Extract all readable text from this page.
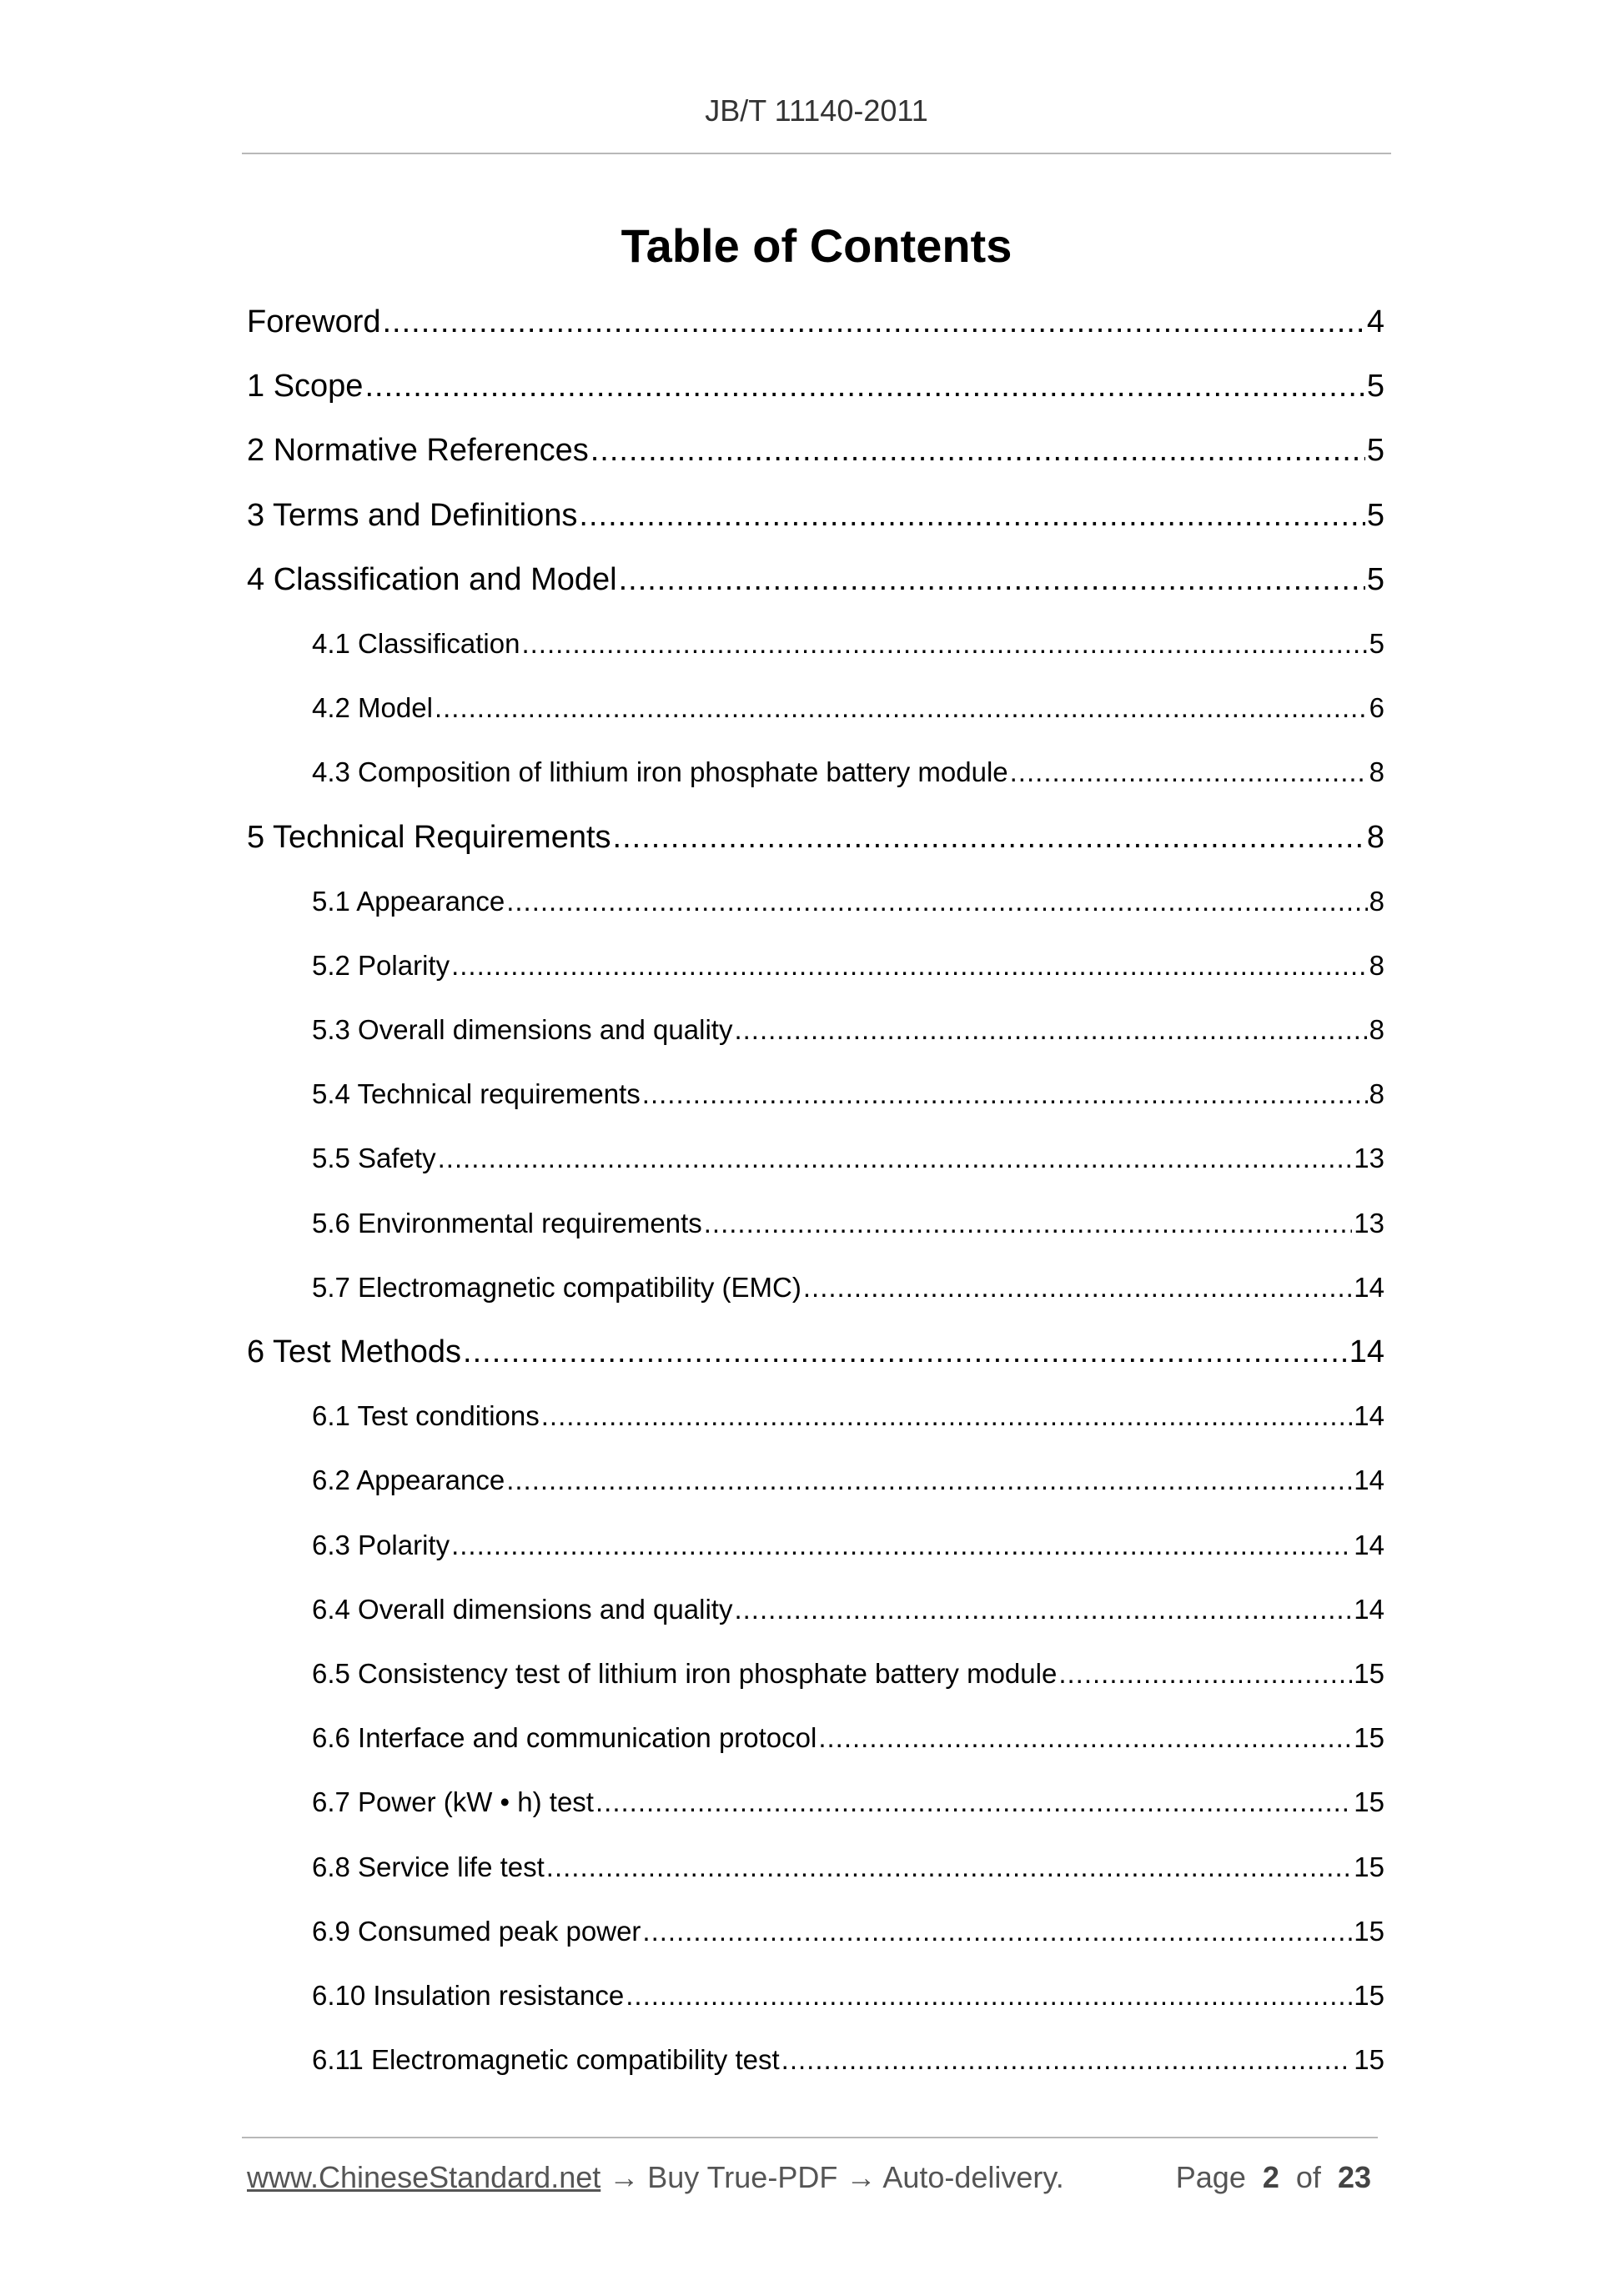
JB/T 11140-2011
Table of Contents
Foreword .....	4
1 Scope .....	5
2 Normative References .....	5
3 Terms and Definitions .....	5
4 Classification and Model .....	5
4.1 Classification .....	5
4.2 Model .....	6
4.3 Composition of lithium iron phosphate battery module .....	8
5 Technical Requirements .....	8
5.1 Appearance .....	8
5.2 Polarity .....	8
5.3 Overall dimensions and quality .....	8
5.4 Technical requirements .....	8
5.5 Safety .....	13
5.6 Environmental requirements .....	13
5.7 Electromagnetic compatibility (EMC) .....	14
6 Test Methods .....	14
6.1 Test conditions .....	14
6.2 Appearance .....	14
6.3 Polarity .....	14
6.4 Overall dimensions and quality .....	14
6.5 Consistency test of lithium iron phosphate battery module .....	15
6.6 Interface and communication protocol .....	15
6.7 Power (kW • h) test .....	15
6.8 Service life test .....	15
6.9 Consumed peak power .....	15
6.10 Insulation resistance .....	15
6.11 Electromagnetic compatibility test .....	15
www.ChineseStandard.net → Buy True-PDF → Auto-delivery.	Page 2 of 23
